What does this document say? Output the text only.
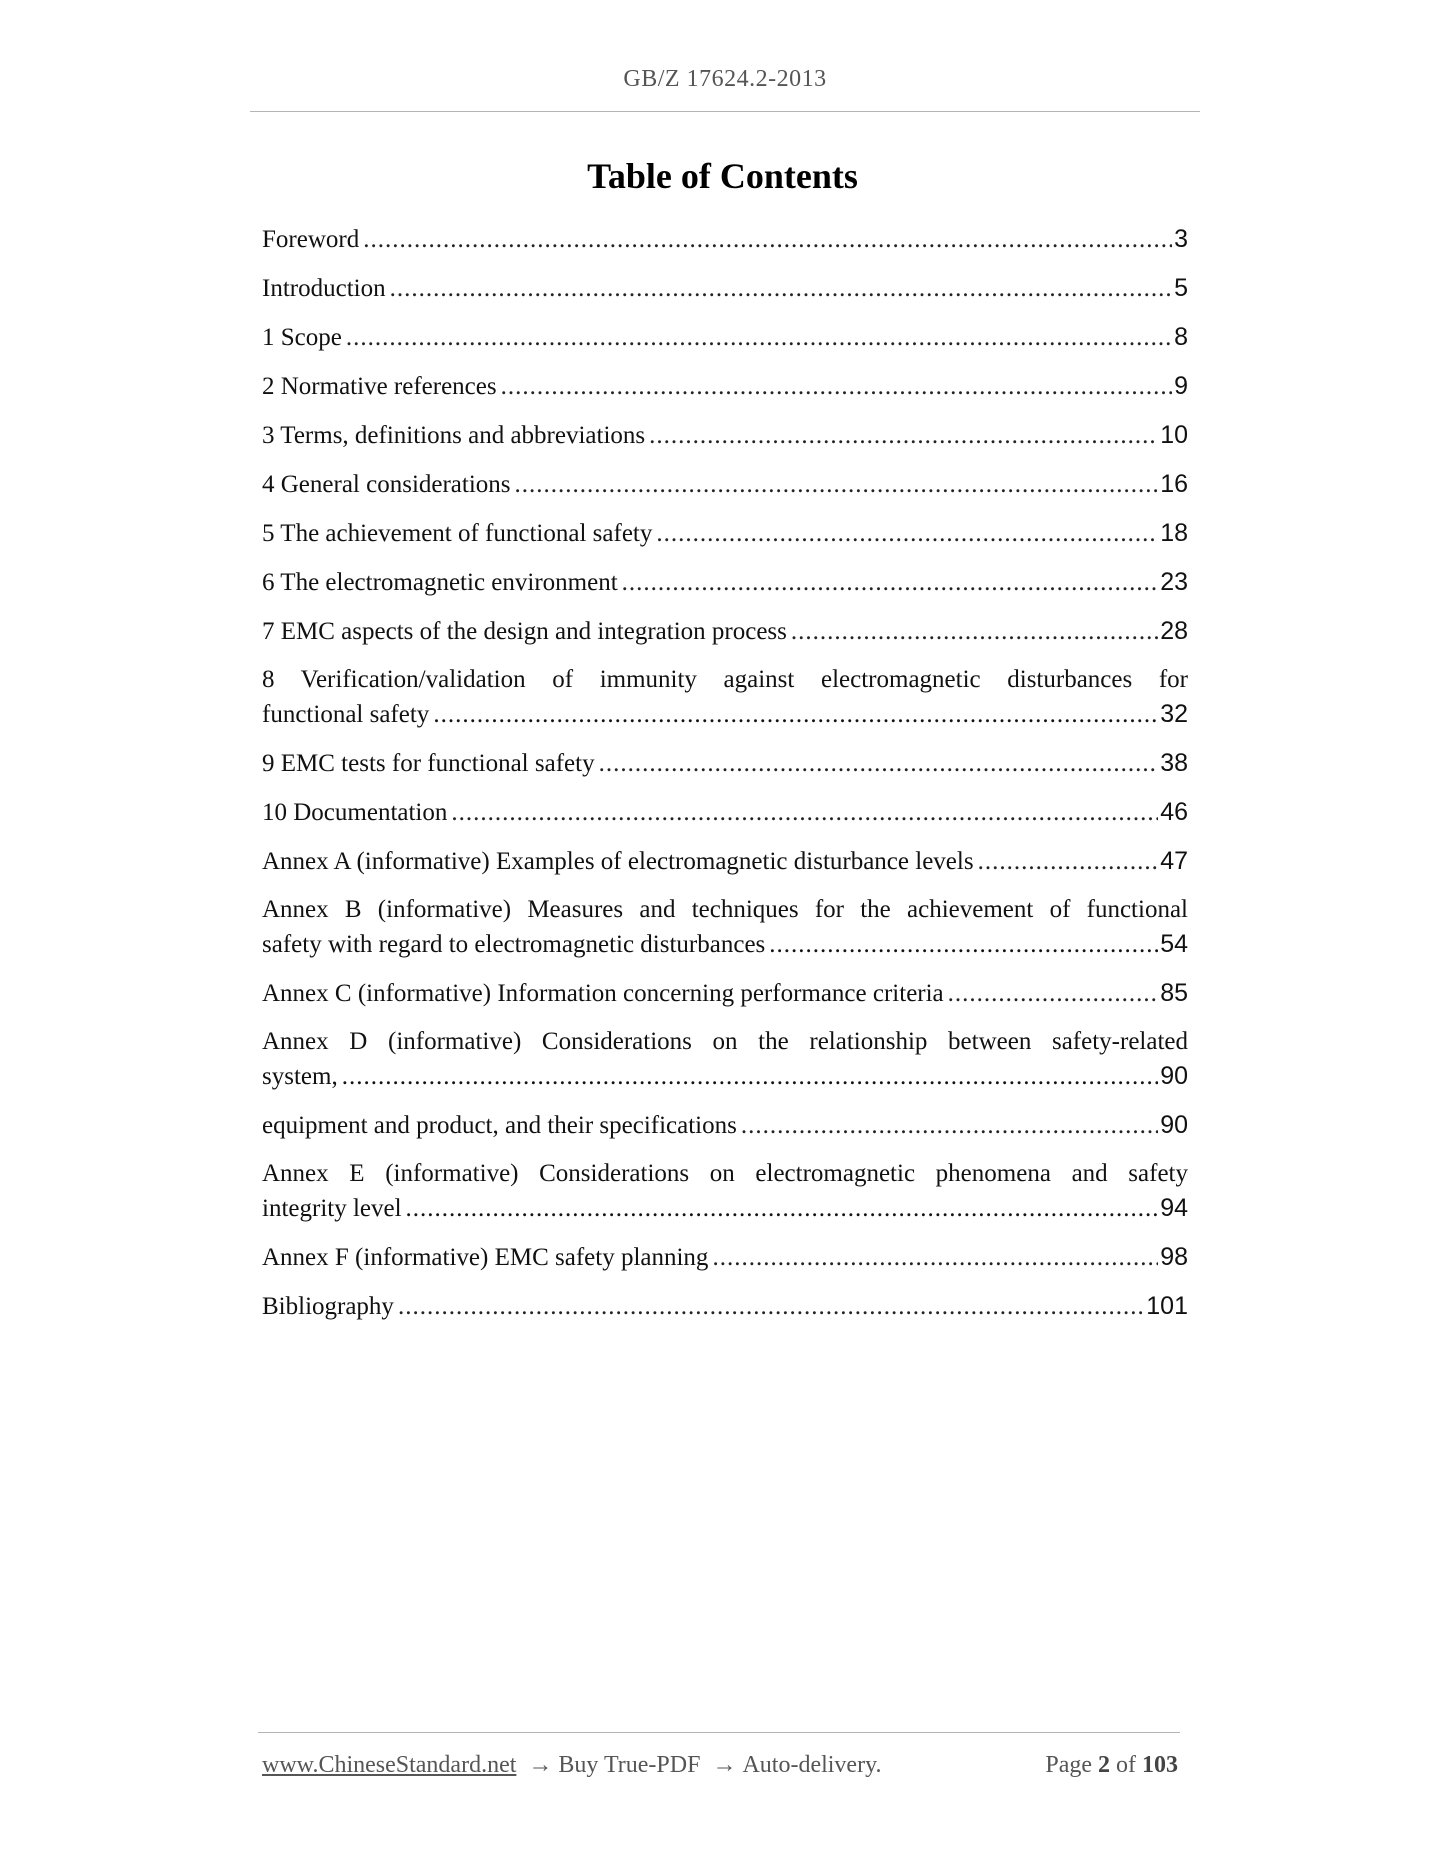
GB/Z 17624.2-2013
Table of Contents
Foreword .....	3
Introduction .....	5
1 Scope .....	8
2 Normative references .....	9
3 Terms, definitions and abbreviations .....	10
4 General considerations .....	16
5 The achievement of functional safety .....	18
6 The electromagnetic environment .....	23
7 EMC aspects of the design and integration process .....	28
8 Verification/validation of immunity against electromagnetic disturbances for
functional safety .....	32
9 EMC tests for functional safety .....	38
10 Documentation .....	46
Annex A (informative) Examples of electromagnetic disturbance levels .....	47
Annex B (informative) Measures and techniques for the achievement of functional
safety with regard to electromagnetic disturbances .....	54
Annex C (informative) Information concerning performance criteria .....	85
Annex D (informative) Considerations on the relationship between safety-related
system, .....	90
equipment and product, and their specifications .....	90
Annex E (informative) Considerations on electromagnetic phenomena and safety
integrity level .....	94
Annex F (informative) EMC safety planning .....	98
Bibliography .....	101
www.ChineseStandard.net → Buy True-PDF → Auto-delivery.	Page 2 of 103
